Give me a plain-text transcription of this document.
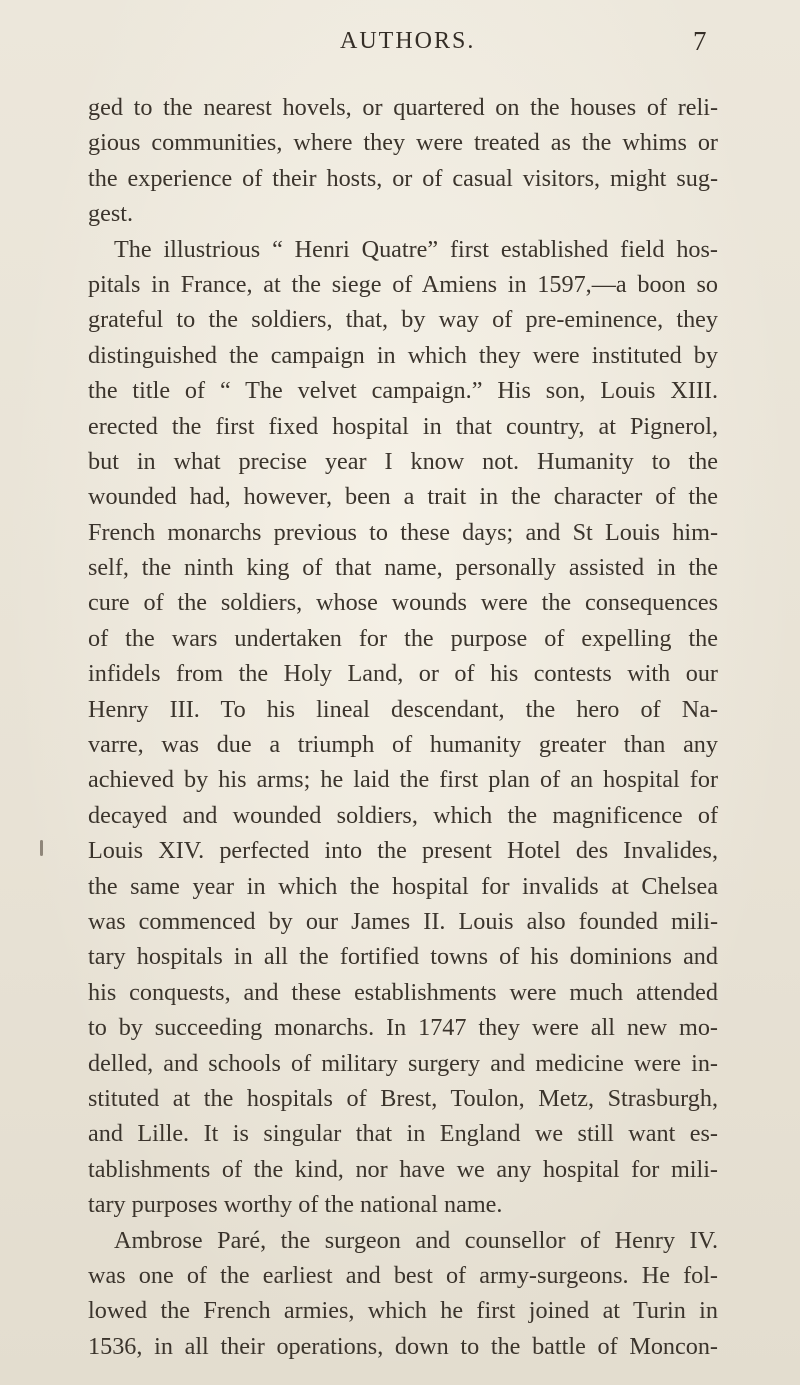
AUTHORS.	7
ged to the nearest hovels, or quartered on the houses of reli-
gious communities, where they were treated as the whims or
the experience of their hosts, or of casual visitors, might sug-
gest.
The illustrious “ Henri Quatre” first established field hos-
pitals in France, at the siege of Amiens in 1597,—a boon so
grateful to the soldiers, that, by way of pre-eminence, they
distinguished the campaign in which they were instituted by
the title of “ The velvet campaign.” His son, Louis XIII.
erected the first fixed hospital in that country, at Pignerol,
but in what precise year I know not. Humanity to the
wounded had, however, been a trait in the character of the
French monarchs previous to these days; and St Louis him-
self, the ninth king of that name, personally assisted in the
cure of the soldiers, whose wounds were the consequences
of the wars undertaken for the purpose of expelling the
infidels from the Holy Land, or of his contests with our
Henry III. To his lineal descendant, the hero of Na-
varre, was due a triumph of humanity greater than any
achieved by his arms; he laid the first plan of an hospital for
decayed and wounded soldiers, which the magnificence of
Louis XIV. perfected into the present Hotel des Invalides,
the same year in which the hospital for invalids at Chelsea
was commenced by our James II. Louis also founded mili-
tary hospitals in all the fortified towns of his dominions and
his conquests, and these establishments were much attended
to by succeeding monarchs. In 1747 they were all new mo-
delled, and schools of military surgery and medicine were in-
stituted at the hospitals of Brest, Toulon, Metz, Strasburgh,
and Lille. It is singular that in England we still want es-
tablishments of the kind, nor have we any hospital for mili-
tary purposes worthy of the national name.
Ambrose Paré, the surgeon and counsellor of Henry IV.
was one of the earliest and best of army-surgeons. He fol-
lowed the French armies, which he first joined at Turin in
1536, in all their operations, down to the battle of Moncon-
